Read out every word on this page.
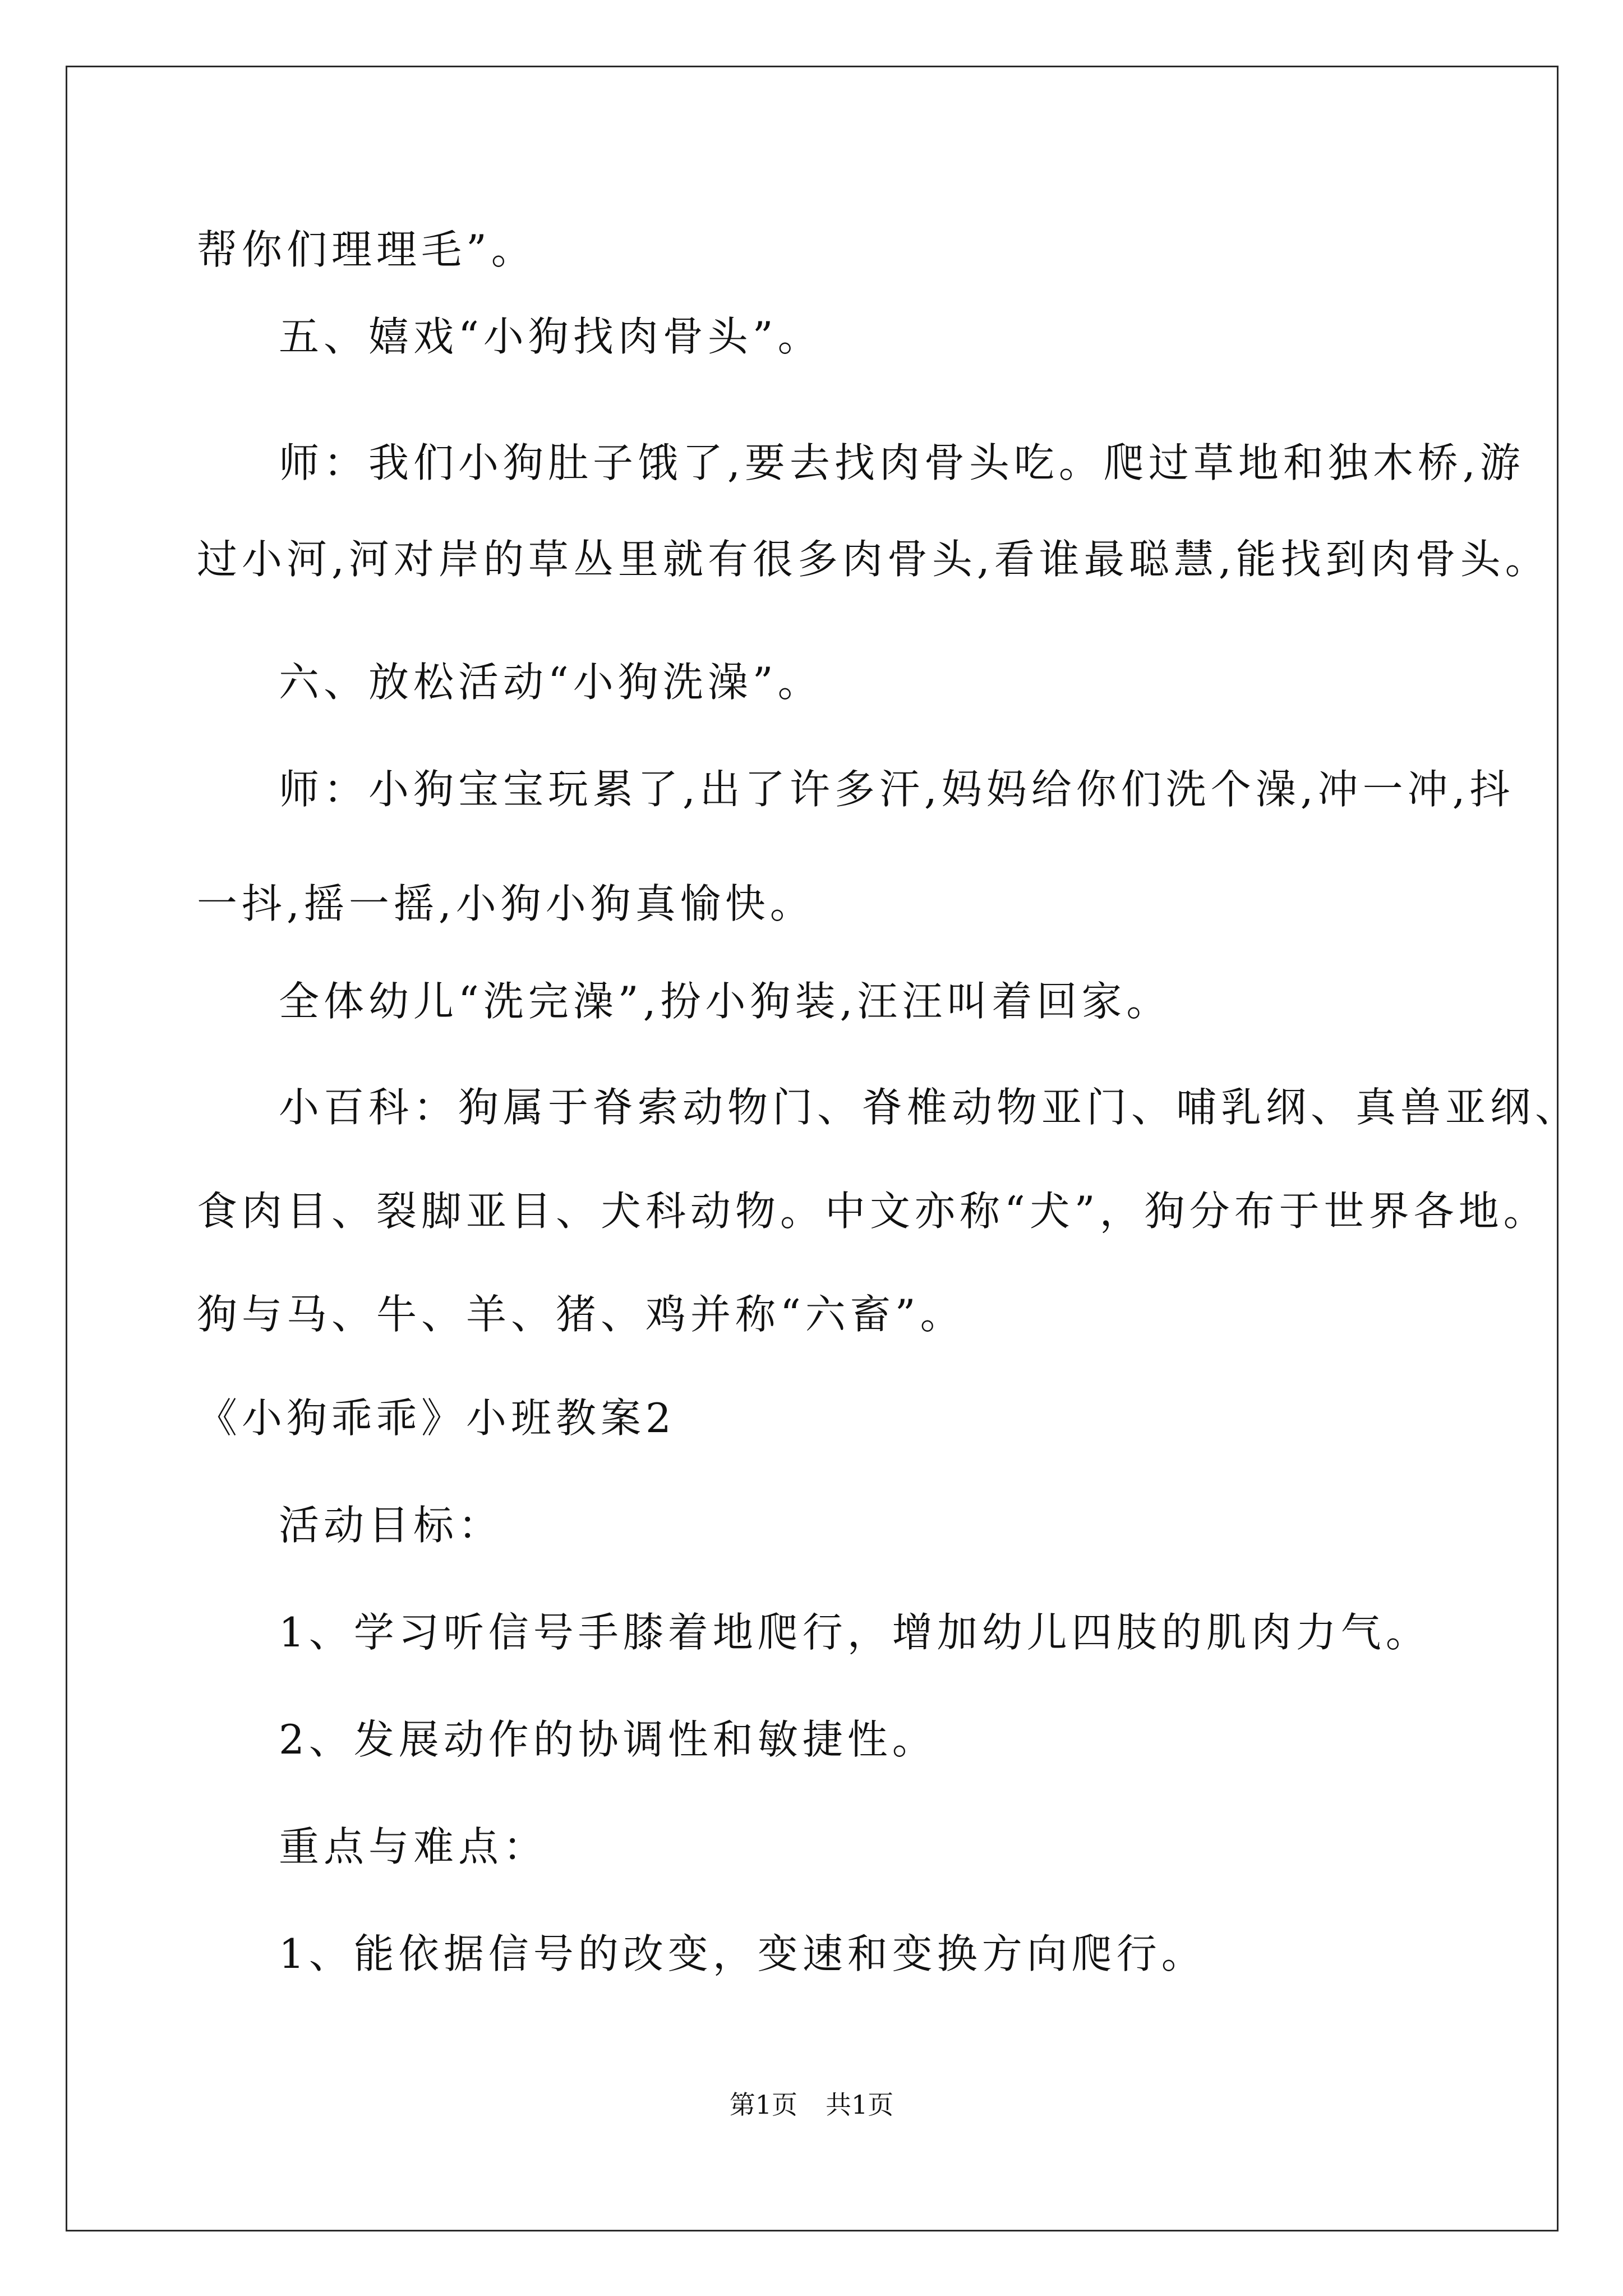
帮你们理理毛”。
五、嬉戏“小狗找肉骨头”。
师：我们小狗肚子饿了,要去找肉骨头吃。爬过草地和独木桥,游
过小河,河对岸的草丛里就有很多肉骨头,看谁最聪慧,能找到肉骨头。
六、放松活动“小狗洗澡”。
师：小狗宝宝玩累了,出了许多汗,妈妈给你们洗个澡,冲一冲,抖
一抖,摇一摇,小狗小狗真愉快。
全体幼儿“洗完澡”,扮小狗装,汪汪叫着回家。
小百科：狗属于脊索动物门、脊椎动物亚门、哺乳纲、真兽亚纲、
食肉目、裂脚亚目、犬科动物。中文亦称“犬”，狗分布于世界各地。
狗与马、牛、羊、猪、鸡并称“六畜”。
《小狗乖乖》小班教案2
活动目标：
1、学习听信号手膝着地爬行，增加幼儿四肢的肌肉力气。
2、发展动作的协调性和敏捷性。
重点与难点：
1、能依据信号的改变，变速和变换方向爬行。
第1页 共1页
